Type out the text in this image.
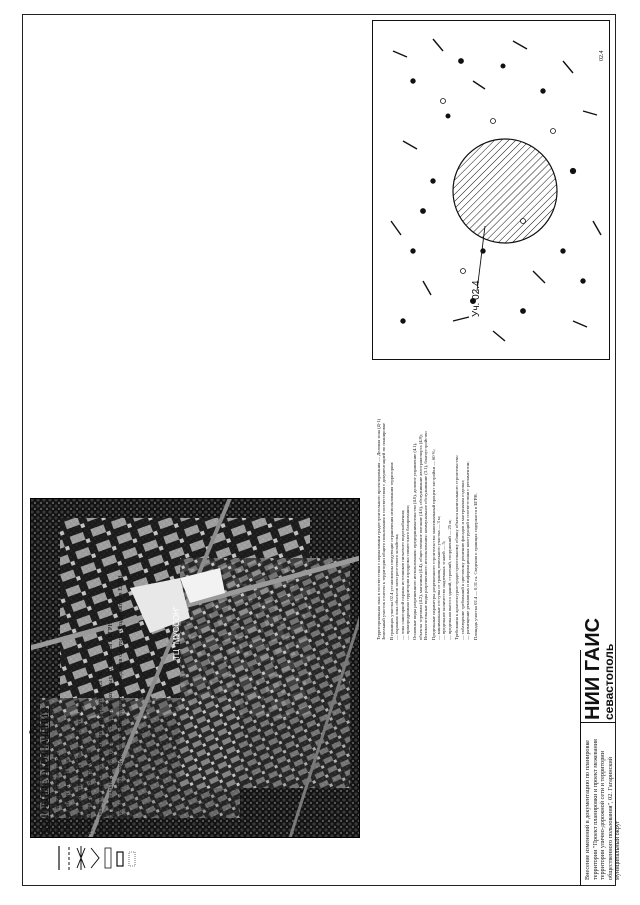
ул. Руднева
ТЦ "МУССОН"
УСЛОВНЫЕ ОБОЗНАЧЕНИЯ красные линии утверждаемые красные линии отменяемые красные линии линейных объектов отменяемые красные линии проектируемые земельные участки, сведения о которых содержатся в ЕГРН объекты капитального строительства, сведения о которых содержатся в ЕГРН зона с особыми условиями использования территории, сведения о которых содержатся в ЕГРН
Уч. 02.4
02.4
Территориальная зона в соответствии с нормативами градостроительного проектирования — Деловая зона (Д-1) Земельный участок отнесен к территории общего пользования в соответствии с документацией по планировке В границах участка 02.4 установлены следующие ограничения использования территории: — охранная зона объектов электросетевого хозяйства; — зона санитарной охраны источников питьевого водоснабжения; — приаэродромная территория аэродрома совместного базирования; Основные виды разрешенного использования: предпринимательство (4.0), деловое управление (4.1), объекты торговли (4.2), магазины (4.4), общественное питание (4.6), обслуживание автотранспорта (4.9); Вспомогательные виды разрешенного использования: коммунальное обслуживание (3.1), благоустройство Предельные параметры разрешенного строительства: максимальный процент застройки — 60 %; — минимальные отступы от границ земельного участка — 3 м; — предельное количество надземных этажей — 5; — предельная высота зданий, строений, сооружений — 25 м; Требования к архитектурно-градостроительному облику объекта капитального строительства: — соблюдение требований к цветовому решению фасадов и материалам отделки; — размещение рекламных и информационных конструкций в соответствии с регламентом; Площадь участка 02.4 — 0,31 га. Сведения о границах содержатся в ЕГРН.
НИИ ГАИС
севастополь
Внесение изменений в документацию по планировке территории "Проект планировки и проект межевания территории улично-дорожной сети и территории общественного пользования", 02. Гагаринский муниципальный округ
